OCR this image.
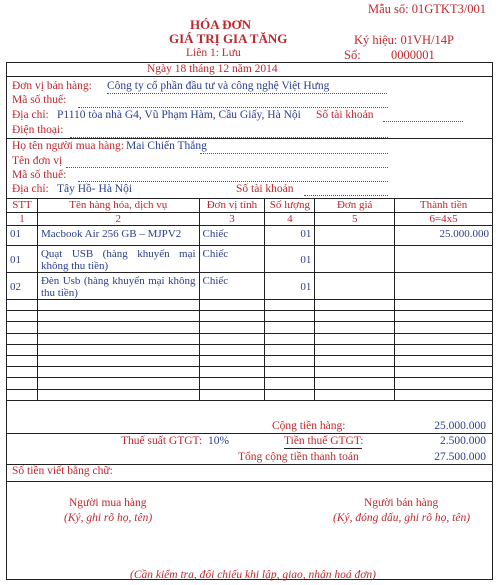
Mẫu số: 01GTKT3/001
HÓA ĐƠN
GIÁ TRỊ GIA TĂNG
Liên 1: Lưu
Ký hiệu: 01VH/14P
Số: 0000001
Ngày 18 tháng 12 năm 2014
Đơn vị bán hàng: Công ty cổ phần đầu tư và công nghệ Việt Hưng
Mã số thuế:
Địa chỉ: P1110 tòa nhà G4, Vũ Phạm Hàm, Cầu Giấy, Hà Nội Số tài khoản
Điện thoại:
Họ tên người mua hàng: Mai Chiến Thắng
Tên đơn vị
Mã số thuế:
Địa chỉ: Tây Hồ- Hà Nội	Số tài khoản
STT	Tên hàng hóa, dịch vụ	Đơn vị tính	Số lượng	Đơn giá	Thành tiền
1	2	3	4	5	6=4x5
01	Macbook Air 256 GB – MJPV2	Chiếc	01		25.000.000
01	Quạt USB (hàng khuyến mại không thu tiền)	Chiếc	01		
02	Đèn Usb (hàng khuyến mại không thu tiền)	Chiếc	01		

Cộng tiền hàng:	25.000.000
Thuế suất GTGT: 10%	Tiền thuế GTGT:	2.500.000
Tổng cộng tiền thanh toán	27.500.000
Số tiền viết bằng chữ:
Người mua hàng
(Ký, ghi rõ họ, tên)
Người bán hàng
(Ký, đóng dấu, ghi rõ họ, tên)
(Cần kiểm tra, đối chiếu khi lập, giao, nhận hoá đơn)
